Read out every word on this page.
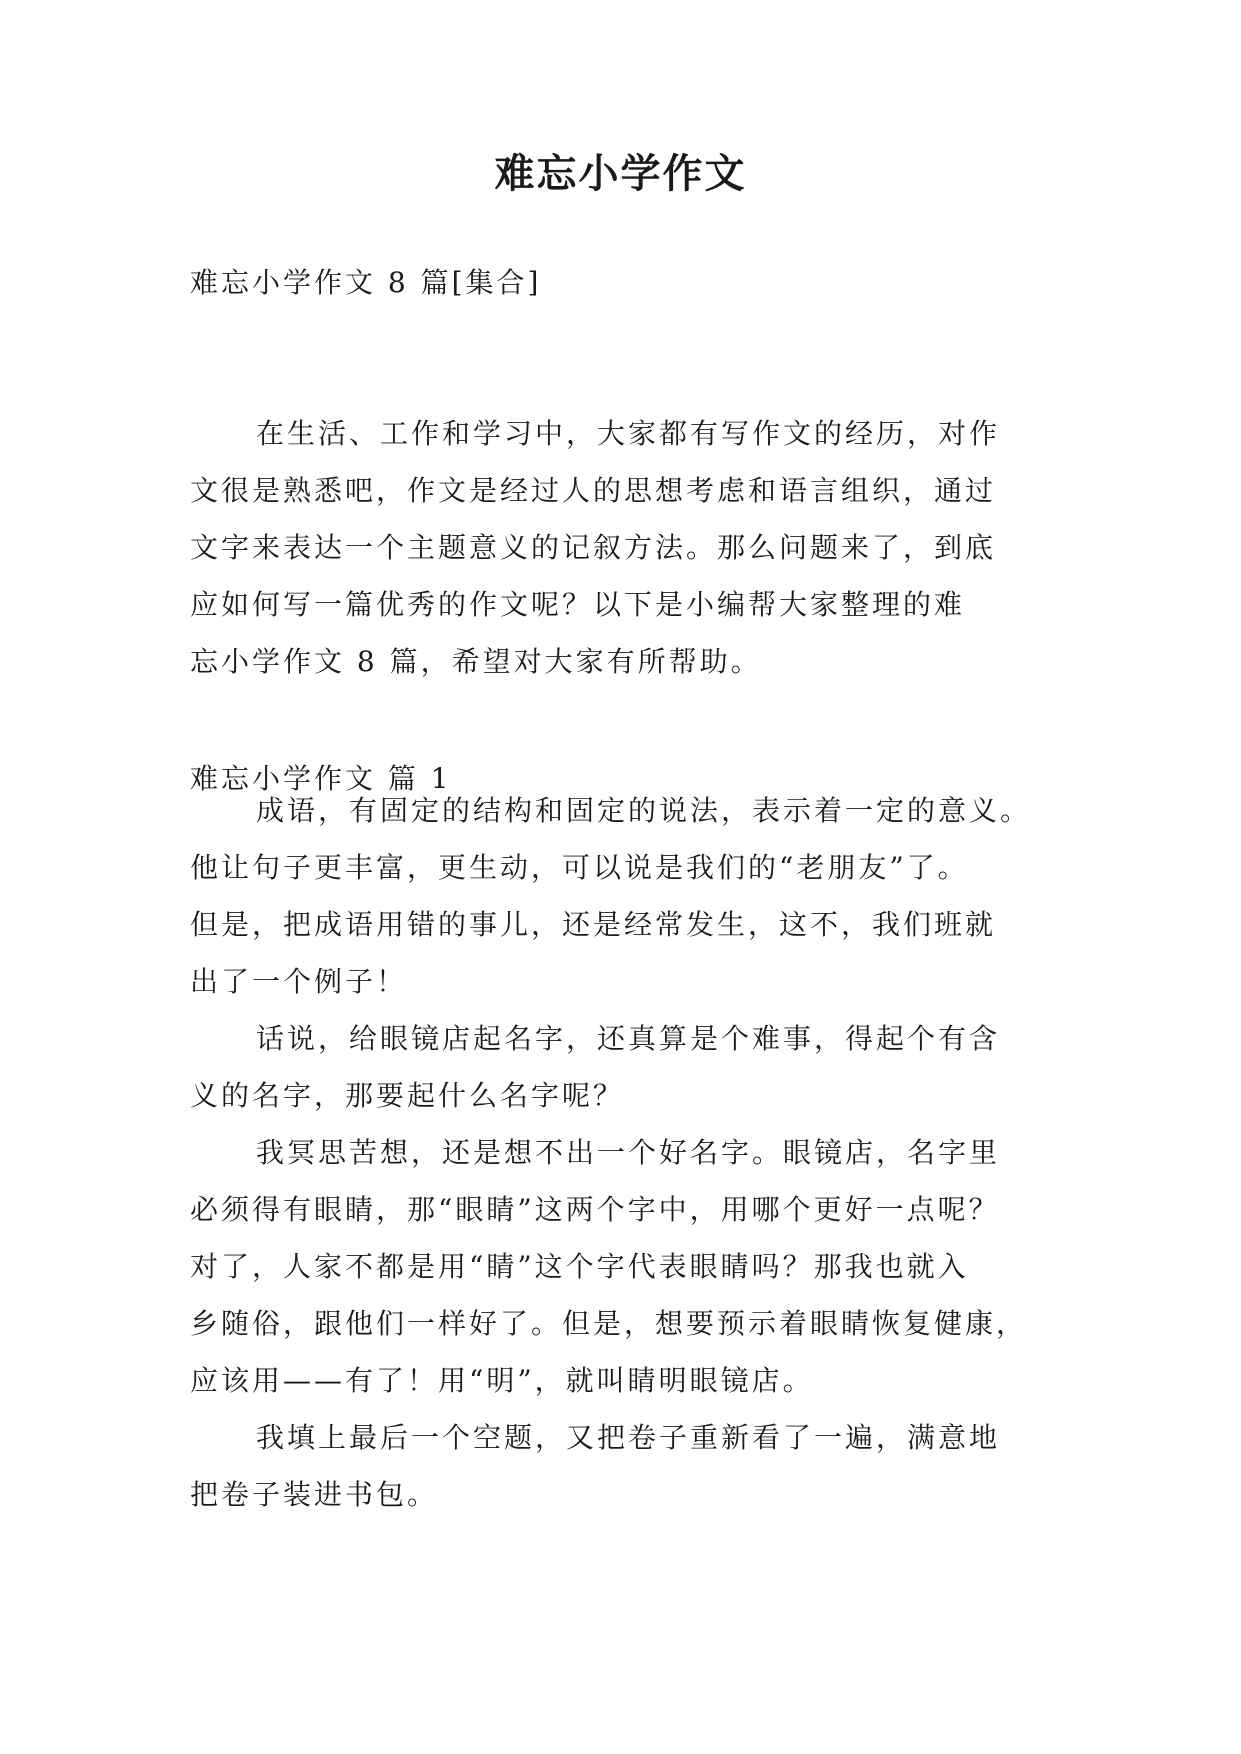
难忘小学作文
难忘小学作文 8 篇[集合]

在生活、工作和学习中，大家都有写作文的经历，对作
文很是熟悉吧，作文是经过人的思想考虑和语言组织，通过
文字来表达一个主题意义的记叙方法。那么问题来了，到底
应如何写一篇优秀的作文呢？以下是小编帮大家整理的难
忘小学作文 8 篇，希望对大家有所帮助。

难忘小学作文 篇 1

成语，有固定的结构和固定的说法，表示着一定的意义。
他让句子更丰富，更生动，可以说是我们的“老朋友”了。
但是，把成语用错的事儿，还是经常发生，这不，我们班就
出了一个例子！

话说，给眼镜店起名字，还真算是个难事，得起个有含
义的名字，那要起什么名字呢？

我冥思苦想，还是想不出一个好名字。眼镜店，名字里
必须得有眼睛，那“眼睛”这两个字中，用哪个更好一点呢？
对了，人家不都是用“睛”这个字代表眼睛吗？那我也就入
乡随俗，跟他们一样好了。但是，想要预示着眼睛恢复健康，
应该用——有了！用“明”，就叫睛明眼镜店。

我填上最后一个空题，又把卷子重新看了一遍，满意地
把卷子装进书包。
